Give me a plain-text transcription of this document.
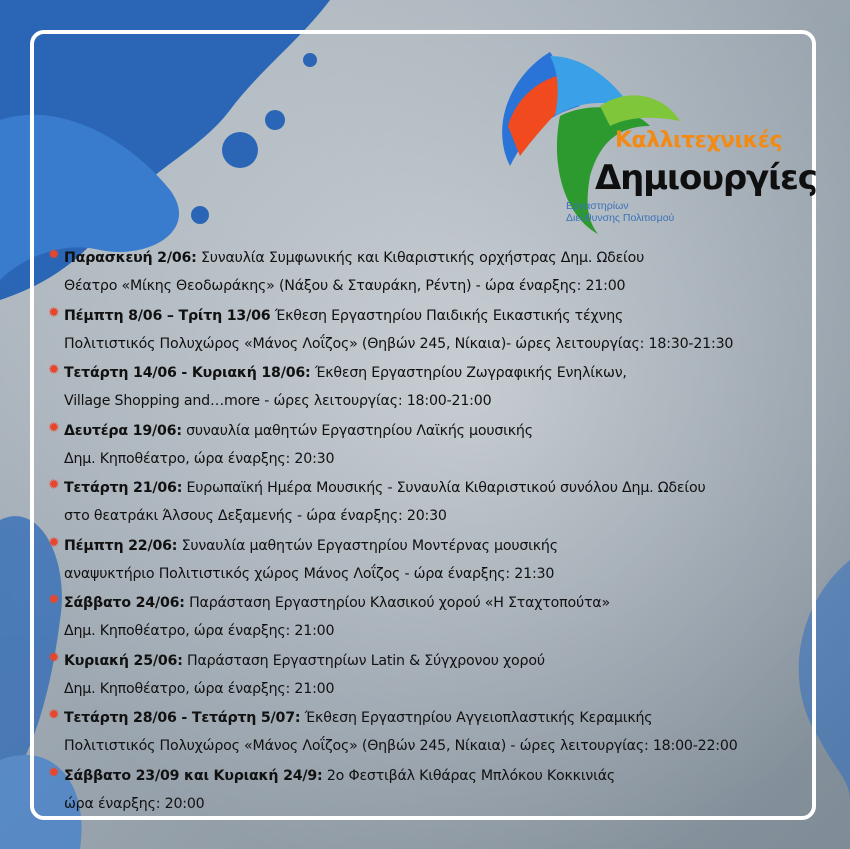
Καλλιτεχνικές

Δημιουργίες

Εργαστηρίων

Διεύθυνσης Πολιτισμού

✹ Παρασκευή 2/06: Συναυλία Συμφωνικής και Κιθαριστικής ορχήστρας Δημ. Ωδείου
Θέατρο «Μίκης Θεοδωράκης» (Νάξου & Σταυράκη, Ρέντη) - ώρα έναρξης: 21:00
✹ Πέμπτη 8/06 – Τρίτη 13/06 Έκθεση Εργαστηρίου Παιδικής Εικαστικής τέχνης
Πολιτιστικός Πολυχώρος «Μάνος Λοΐζος» (Θηβών 245, Νίκαια)- ώρες λειτουργίας: 18:30-21:30
✹ Τετάρτη 14/06 - Κυριακή 18/06: Έκθεση Εργαστηρίου Ζωγραφικής Ενηλίκων,
Village Shopping and…more - ώρες λειτουργίας: 18:00-21:00
✹ Δευτέρα 19/06: συναυλία μαθητών Εργαστηρίου Λαϊκής μουσικής
Δημ. Κηποθέατρο, ώρα έναρξης: 20:30
✹ Τετάρτη 21/06: Ευρωπαϊκή Ημέρα Μουσικής - Συναυλία Κιθαριστικού συνόλου Δημ. Ωδείου
στο θεατράκι Άλσους Δεξαμενής - ώρα έναρξης: 20:30
✹ Πέμπτη 22/06: Συναυλία μαθητών Εργαστηρίου Μοντέρνας μουσικής
αναψυκτήριο Πολιτιστικός χώρος Μάνος Λοΐζος - ώρα έναρξης: 21:30
✹ Σάββατο 24/06: Παράσταση Εργαστηρίου Κλασικού χορού «Η Σταχτοπούτα»
Δημ. Κηποθέατρο, ώρα έναρξης: 21:00
✹ Κυριακή 25/06: Παράσταση Εργαστηρίων Latin & Σύγχρονου χορού
Δημ. Κηποθέατρο, ώρα έναρξης: 21:00
✹ Τετάρτη 28/06 - Τετάρτη 5/07: Έκθεση Εργαστηρίου Αγγειοπλαστικής Κεραμικής
Πολιτιστικός Πολυχώρος «Μάνος Λοΐζος» (Θηβών 245, Νίκαια) - ώρες λειτουργίας: 18:00-22:00
✹ Σάββατο 23/09 και Κυριακή 24/9: 2ο Φεστιβάλ Κιθάρας Μπλόκου Κοκκινιάς
ώρα έναρξης: 20:00
